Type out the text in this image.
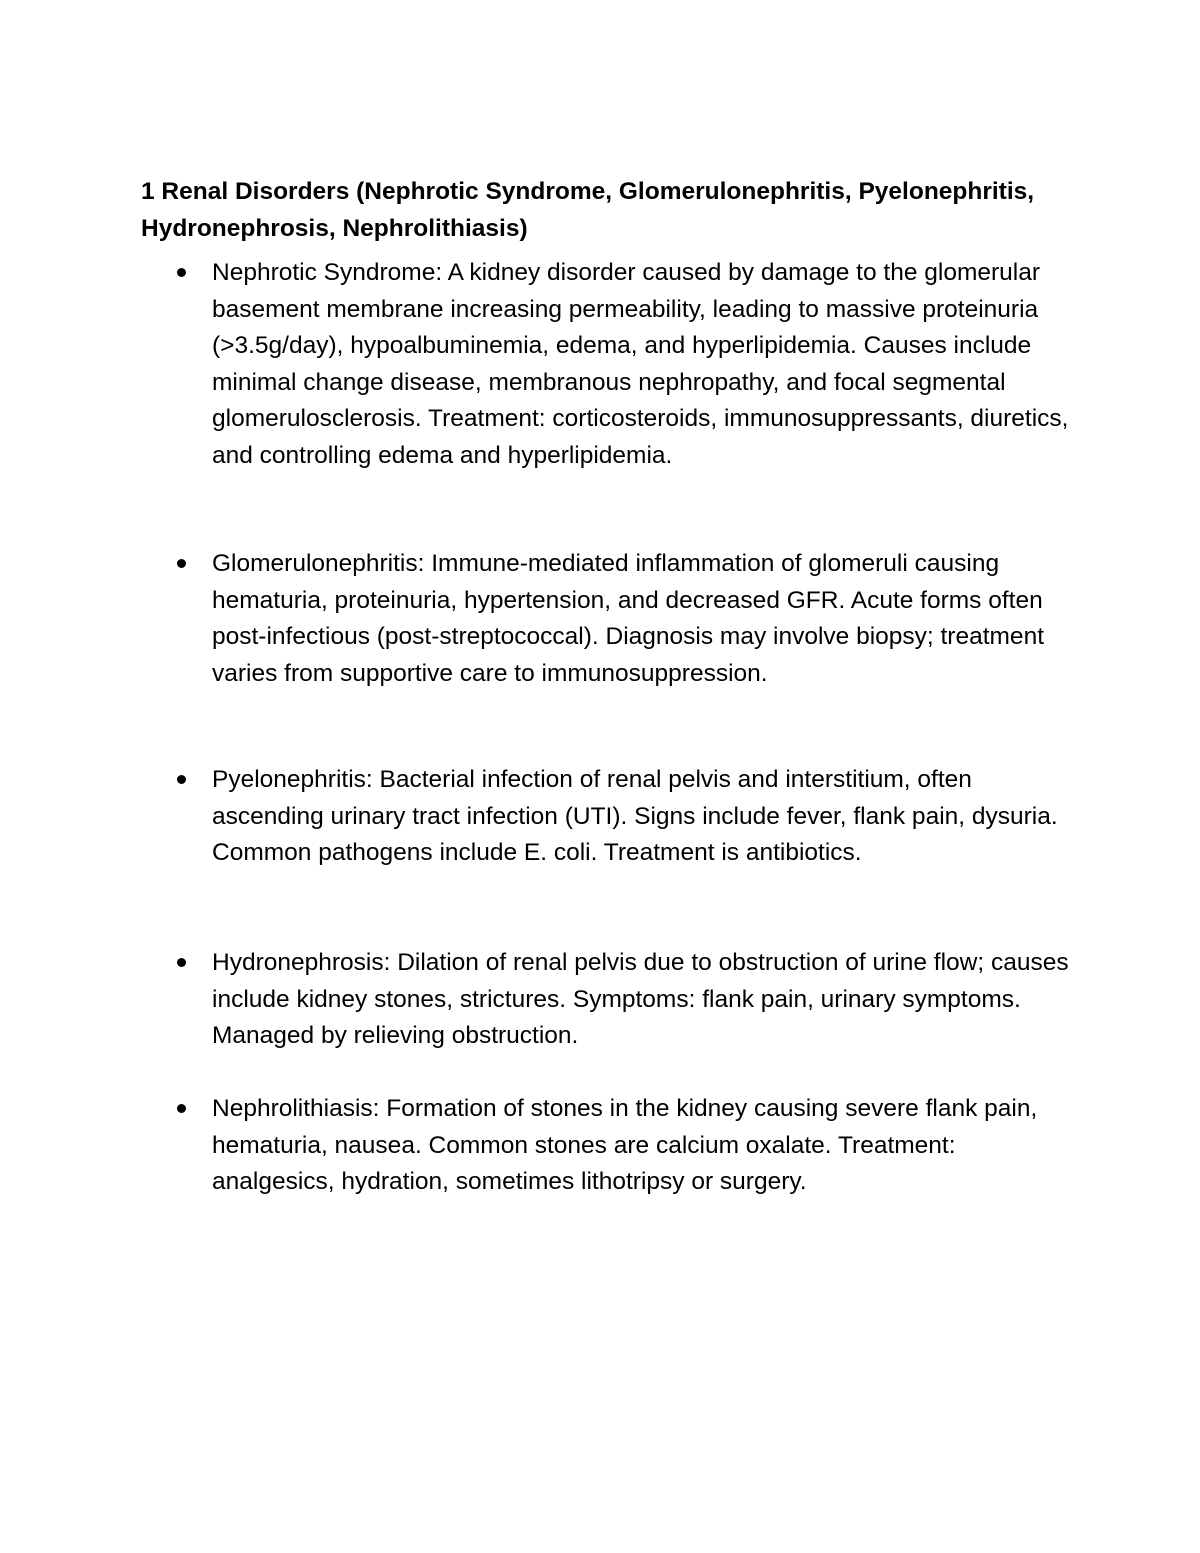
1 Renal Disorders (Nephrotic Syndrome, Glomerulonephritis, Pyelonephritis, Hydronephrosis, Nephrolithiasis)
Nephrotic Syndrome: A kidney disorder caused by damage to the glomerular basement membrane increasing permeability, leading to massive proteinuria (>3.5g/day), hypoalbuminemia, edema, and hyperlipidemia. Causes include minimal change disease, membranous nephropathy, and focal segmental glomerulosclerosis. Treatment: corticosteroids, immunosuppressants, diuretics, and controlling edema and hyperlipidemia.
Glomerulonephritis: Immune-mediated inflammation of glomeruli causing hematuria, proteinuria, hypertension, and decreased GFR. Acute forms often post-infectious (post-streptococcal). Diagnosis may involve biopsy; treatment varies from supportive care to immunosuppression.
Pyelonephritis: Bacterial infection of renal pelvis and interstitium, often ascending urinary tract infection (UTI). Signs include fever, flank pain, dysuria. Common pathogens include E. coli. Treatment is antibiotics.
Hydronephrosis: Dilation of renal pelvis due to obstruction of urine flow; causes include kidney stones, strictures. Symptoms: flank pain, urinary symptoms. Managed by relieving obstruction.
Nephrolithiasis: Formation of stones in the kidney causing severe flank pain, hematuria, nausea. Common stones are calcium oxalate. Treatment: analgesics, hydration, sometimes lithotripsy or surgery.
